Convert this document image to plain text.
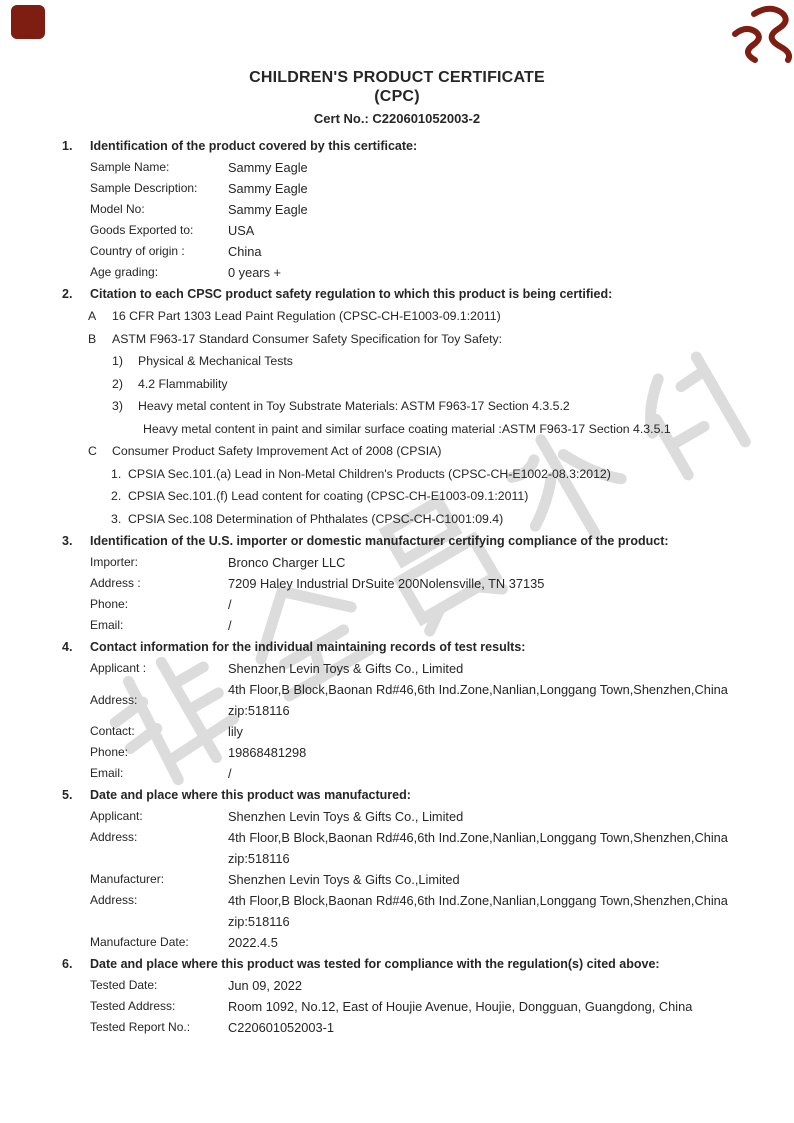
CHILDREN'S PRODUCT CERTIFICATE
(CPC)
Cert No.: C220601052003-2
1.	Identification of the product covered by this certificate:
Sample Name:	Sammy Eagle
Sample Description:	Sammy Eagle
Model No:	Sammy Eagle
Goods Exported to:	USA
Country of origin :	China
Age grading:	0 years +
2.	Citation to each CPSC product safety regulation to which this product is being certified:
A	16 CFR Part 1303 Lead Paint Regulation (CPSC-CH-E1003-09.1:2011)
B	ASTM F963-17 Standard Consumer Safety Specification for Toy Safety:
1)	Physical & Mechanical Tests
2)	4.2 Flammability
3)	Heavy metal content in Toy Substrate Materials: ASTM F963-17 Section 4.3.5.2
Heavy metal content in paint and similar surface coating material :ASTM F963-17 Section 4.3.5.1
C	Consumer Product Safety Improvement Act of 2008 (CPSIA)
1. CPSIA Sec.101.(a) Lead in Non-Metal Children's Products (CPSC-CH-E1002-08.3:2012)
2. CPSIA Sec.101.(f) Lead content for coating (CPSC-CH-E1003-09.1:2011)
3. CPSIA Sec.108 Determination of Phthalates (CPSC-CH-C1001:09.4)
3.	Identification of the U.S. importer or domestic manufacturer certifying compliance of the product:
Importer:	Bronco Charger LLC
Address :	7209 Haley Industrial DrSuite 200Nolensville, TN 37135
Phone:	/
Email:	/
4.	Contact information for the individual maintaining records of test results:
Applicant :	Shenzhen Levin Toys & Gifts Co., Limited
Address:
4th Floor,B Block,Baonan Rd#46,6th Ind.Zone,Nanlian,Longgang Town,Shenzhen,China
zip:518116
Contact:	lily
Phone:	19868481298
Email:	/
5.	Date and place where this product was manufactured:
Applicant:	Shenzhen Levin Toys & Gifts Co., Limited
Address:	4th Floor,B Block,Baonan Rd#46,6th Ind.Zone,Nanlian,Longgang Town,Shenzhen,China
zip:518116
Manufacturer:	Shenzhen Levin Toys & Gifts Co.,Limited
Address:	4th Floor,B Block,Baonan Rd#46,6th Ind.Zone,Nanlian,Longgang Town,Shenzhen,China
zip:518116
Manufacture Date:	2022.4.5
6.	Date and place where this product was tested for compliance with the regulation(s) cited above:
Tested Date:	Jun 09, 2022
Tested Address:	Room 1092, No.12, East of Houjie Avenue, Houjie, Dongguan, Guangdong, China
Tested Report No.:	C220601052003-1
